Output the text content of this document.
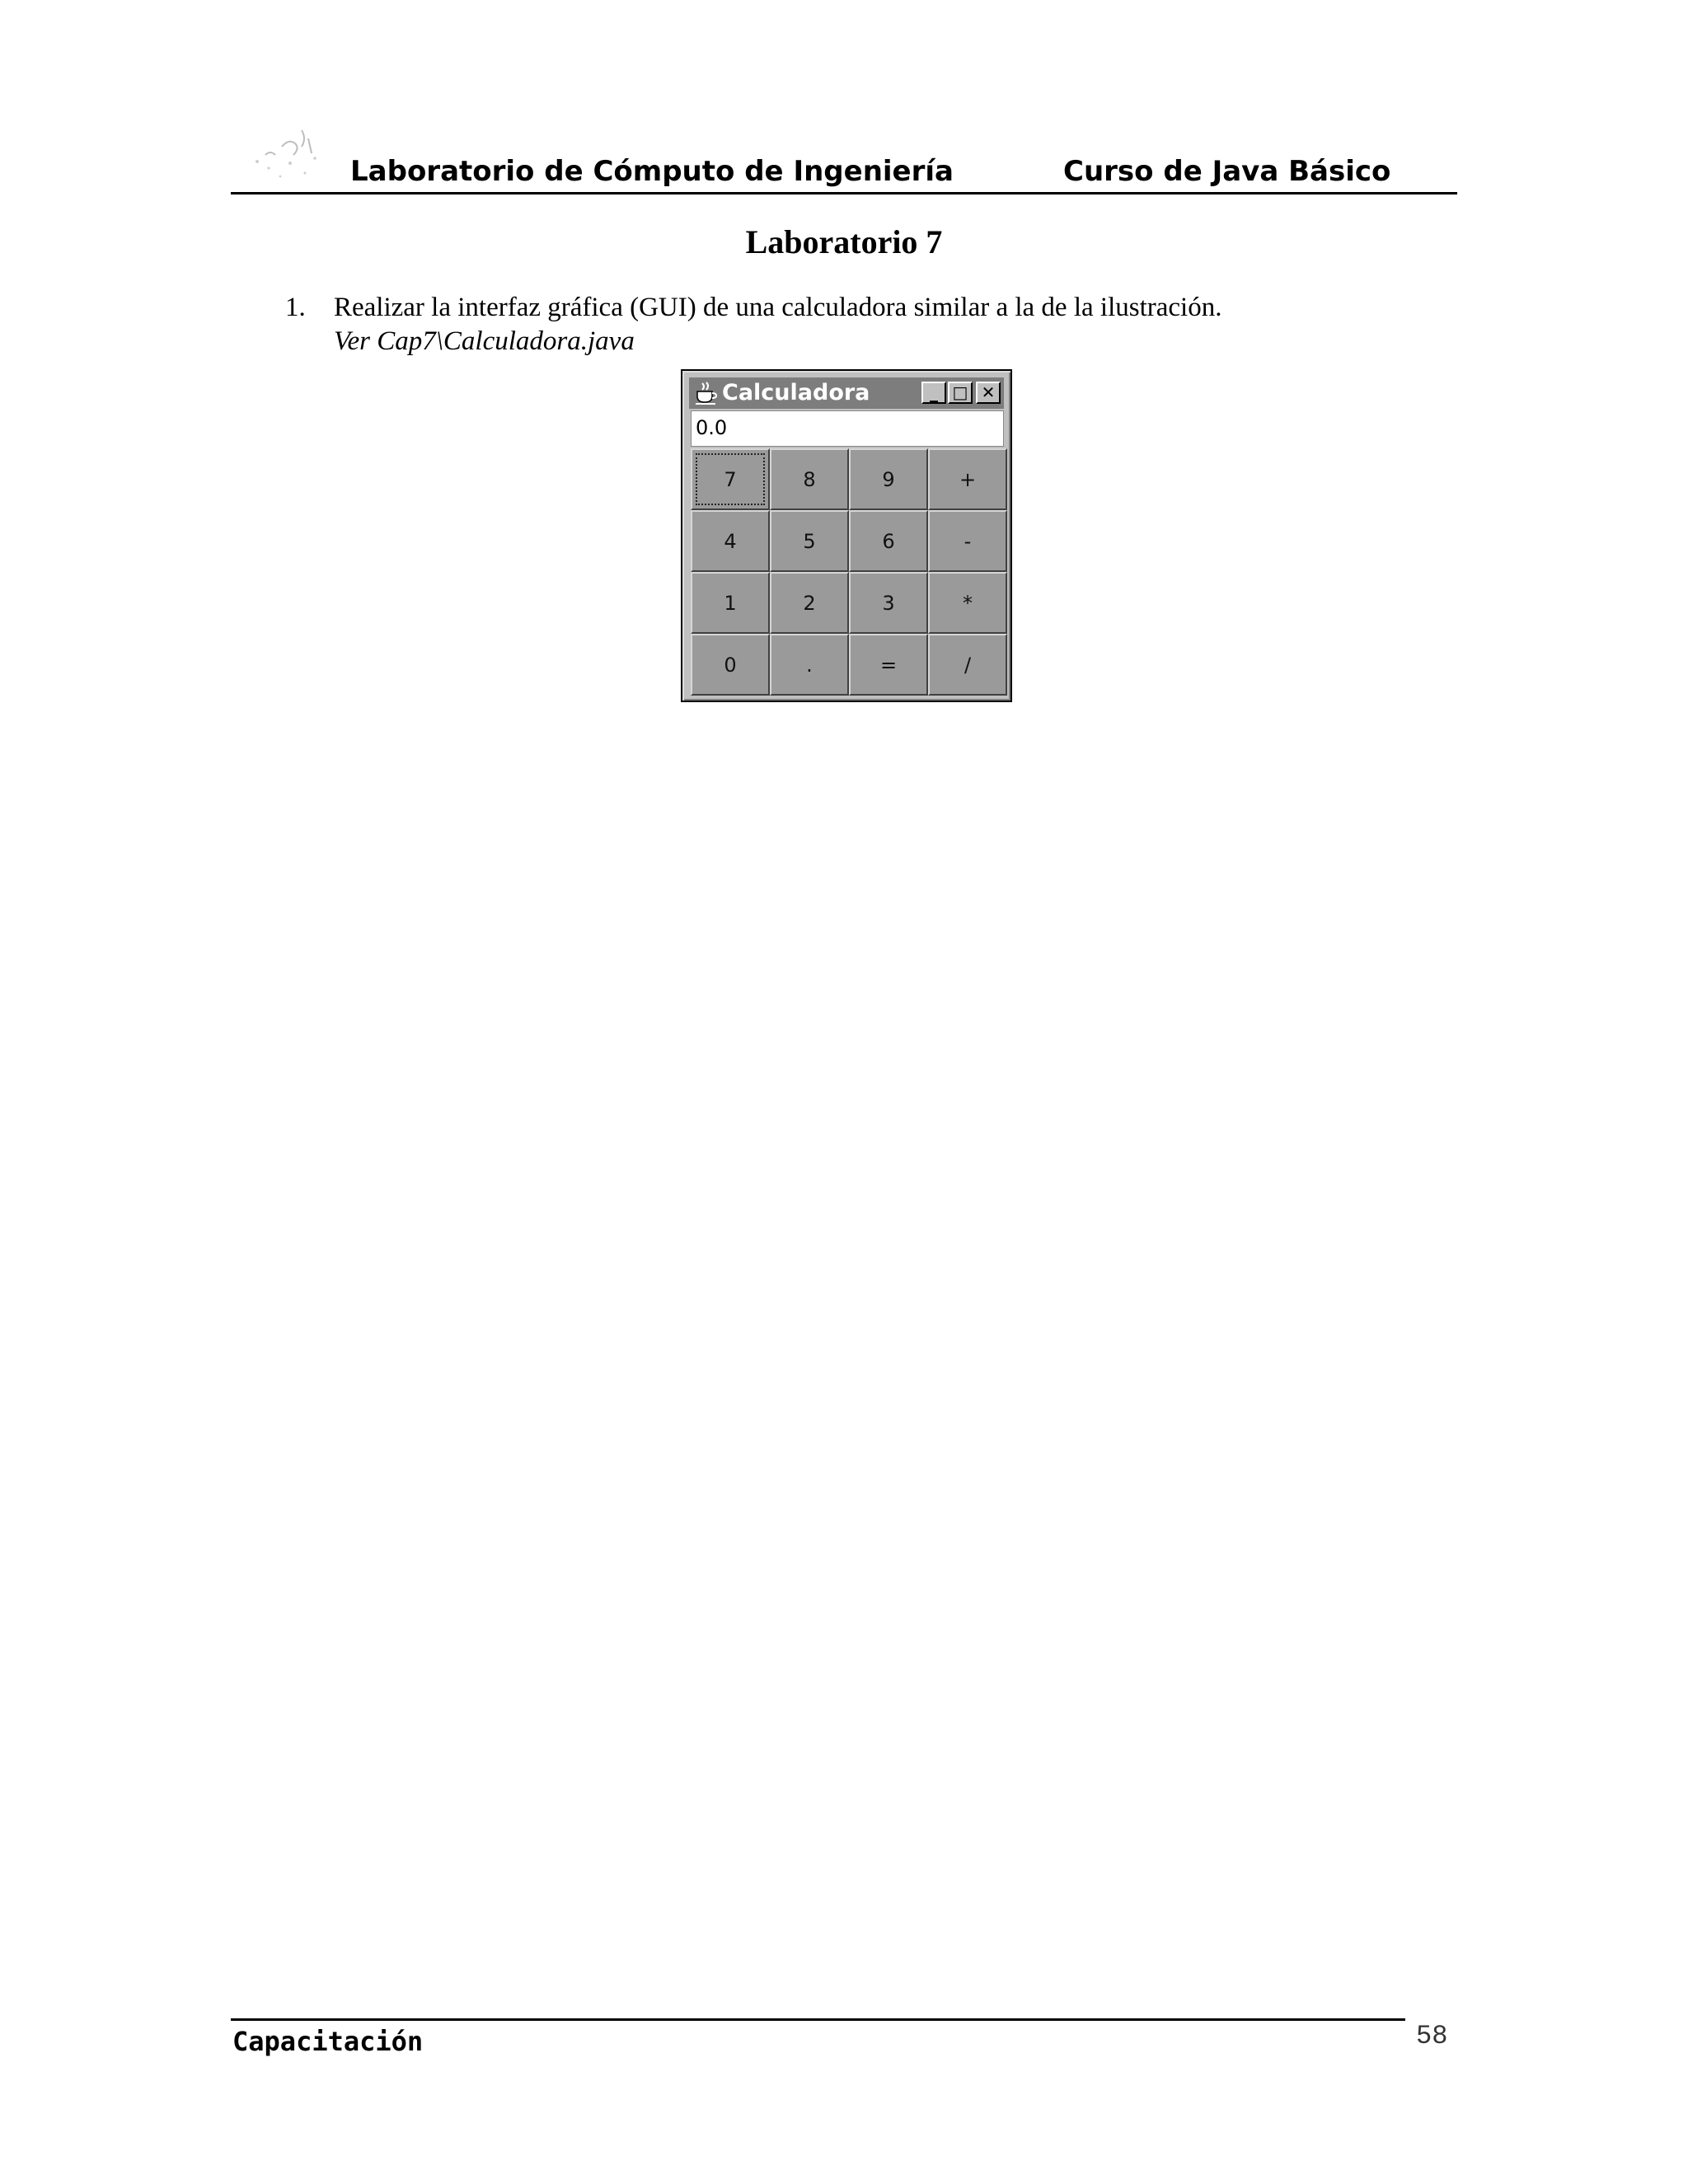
Laboratorio de Cómputo de Ingeniería	Curso de Java Básico
Laboratorio 7
1. Realizar la interfaz gráfica (GUI) de una calculadora similar a la de la ilustración.
Ver Cap7\Calculadora.java
Calculadora	_ □ ✕
0.0
7	8	9	+
4	5	6	-
1	2	3	*
0	.	=	/
Capacitación	58
